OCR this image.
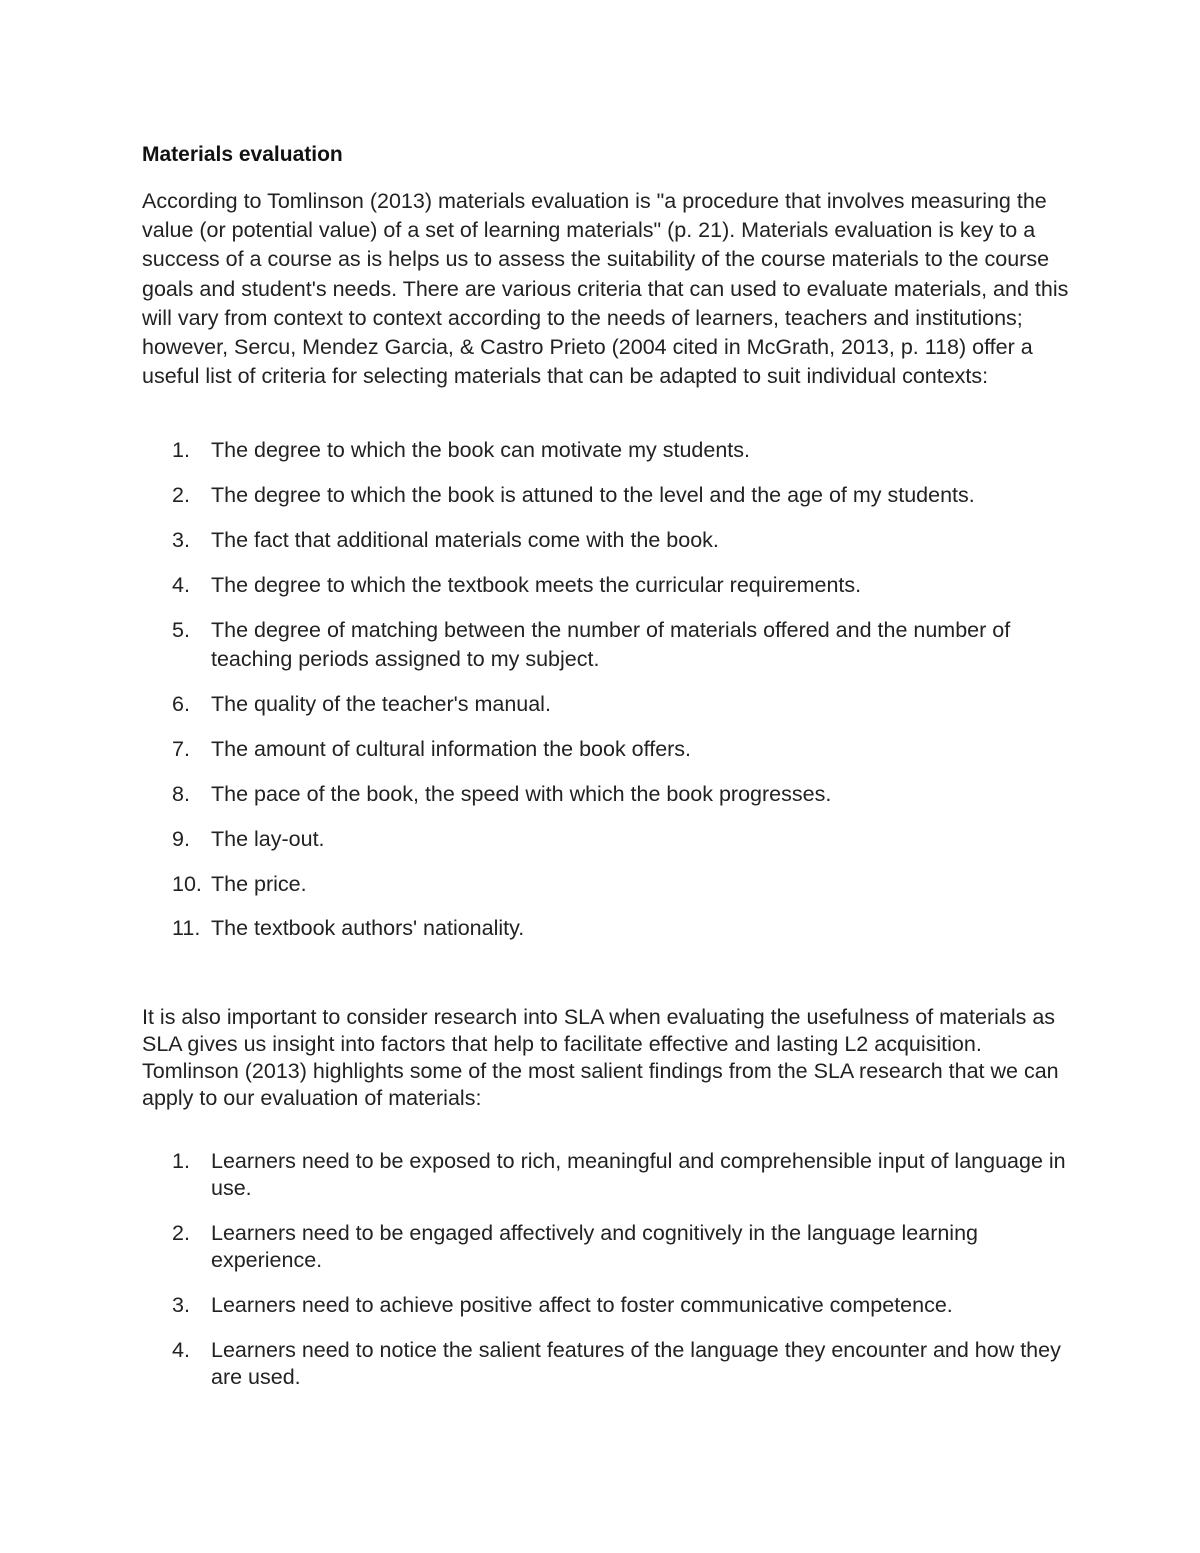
Materials evaluation

According to Tomlinson (2013) materials evaluation is "a procedure that involves measuring the value (or potential value) of a set of learning materials" (p. 21). Materials evaluation is key to a success of a course as is helps us to assess the suitability of the course materials to the course goals and student's needs. There are various criteria that can used to evaluate materials, and this will vary from context to context according to the needs of learners, teachers and institutions; however, Sercu, Mendez Garcia, & Castro Prieto (2004 cited in McGrath, 2013, p. 118) offer a useful list of criteria for selecting materials that can be adapted to suit individual contexts:

1. The degree to which the book can motivate my students.
2. The degree to which the book is attuned to the level and the age of my students.
3. The fact that additional materials come with the book.
4. The degree to which the textbook meets the curricular requirements.
5. The degree of matching between the number of materials offered and the number of teaching periods assigned to my subject.
6. The quality of the teacher's manual.
7. The amount of cultural information the book offers.
8. The pace of the book, the speed with which the book progresses.
9. The lay-out.
10. The price.
11. The textbook authors' nationality.

It is also important to consider research into SLA when evaluating the usefulness of materials as SLA gives us insight into factors that help to facilitate effective and lasting L2 acquisition. Tomlinson (2013) highlights some of the most salient findings from the SLA research that we can apply to our evaluation of materials:

1. Learners need to be exposed to rich, meaningful and comprehensible input of language in use.
2. Learners need to be engaged affectively and cognitively in the language learning experience.
3. Learners need to achieve positive affect to foster communicative competence.
4. Learners need to notice the salient features of the language they encounter and how they are used.
